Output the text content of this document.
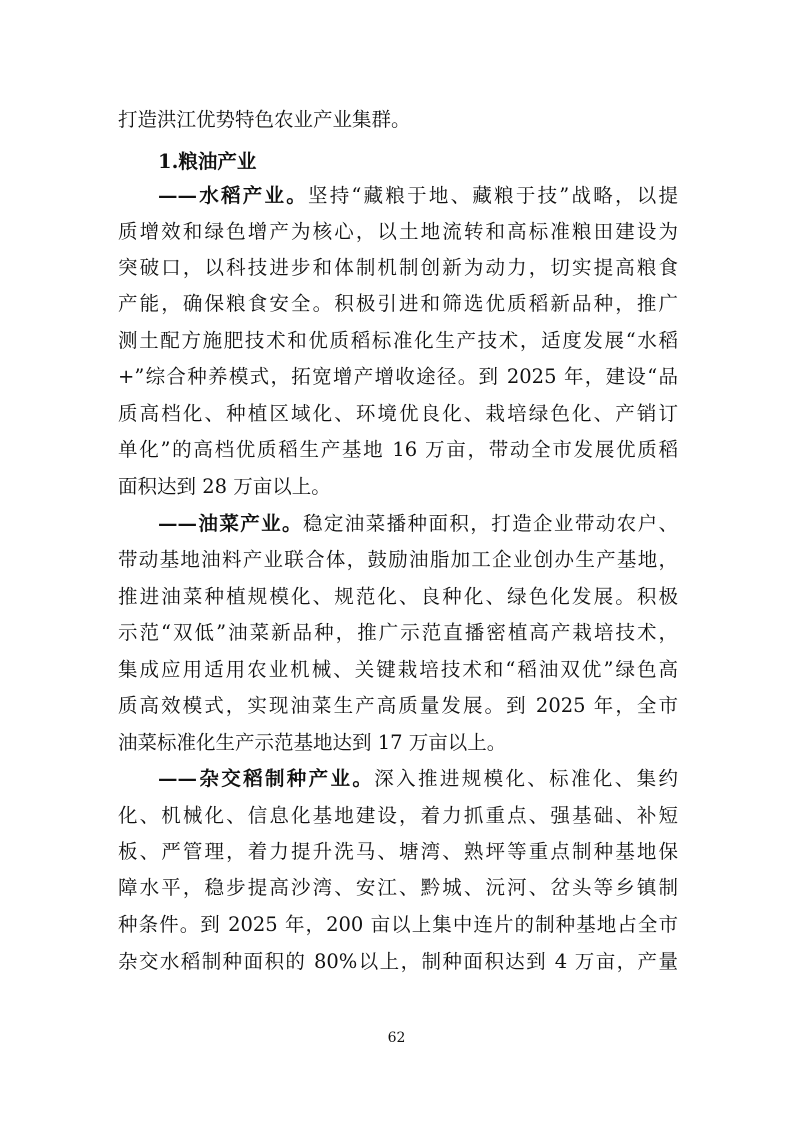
打造洪江优势特色农业产业集群。
1.粮油产业
——水稻产业。坚持“藏粮于地、藏粮于技”战略，以提
质增效和绿色增产为核心，以土地流转和高标准粮田建设为
突破口，以科技进步和体制机制创新为动力，切实提高粮食
产能，确保粮食安全。积极引进和筛选优质稻新品种，推广
测土配方施肥技术和优质稻标准化生产技术，适度发展“水稻
+”综合种养模式，拓宽增产增收途径。到 2025 年，建设“品
质高档化、种植区域化、环境优良化、栽培绿色化、产销订
单化”的高档优质稻生产基地 16 万亩，带动全市发展优质稻
面积达到 28 万亩以上。
——油菜产业。稳定油菜播种面积，打造企业带动农户、
带动基地油料产业联合体，鼓励油脂加工企业创办生产基地，
推进油菜种植规模化、规范化、良种化、绿色化发展。积极
示范“双低”油菜新品种，推广示范直播密植高产栽培技术，
集成应用适用农业机械、关键栽培技术和“稻油双优”绿色高
质高效模式，实现油菜生产高质量发展。到 2025 年，全市
油菜标准化生产示范基地达到 17 万亩以上。
——杂交稻制种产业。深入推进规模化、标准化、集约
化、机械化、信息化基地建设，着力抓重点、强基础、补短
板、严管理，着力提升洗马、塘湾、熟坪等重点制种基地保
障水平，稳步提高沙湾、安江、黔城、沅河、岔头等乡镇制
种条件。到 2025 年，200 亩以上集中连片的制种基地占全市
杂交水稻制种面积的 80%以上，制种面积达到 4 万亩，产量
62
